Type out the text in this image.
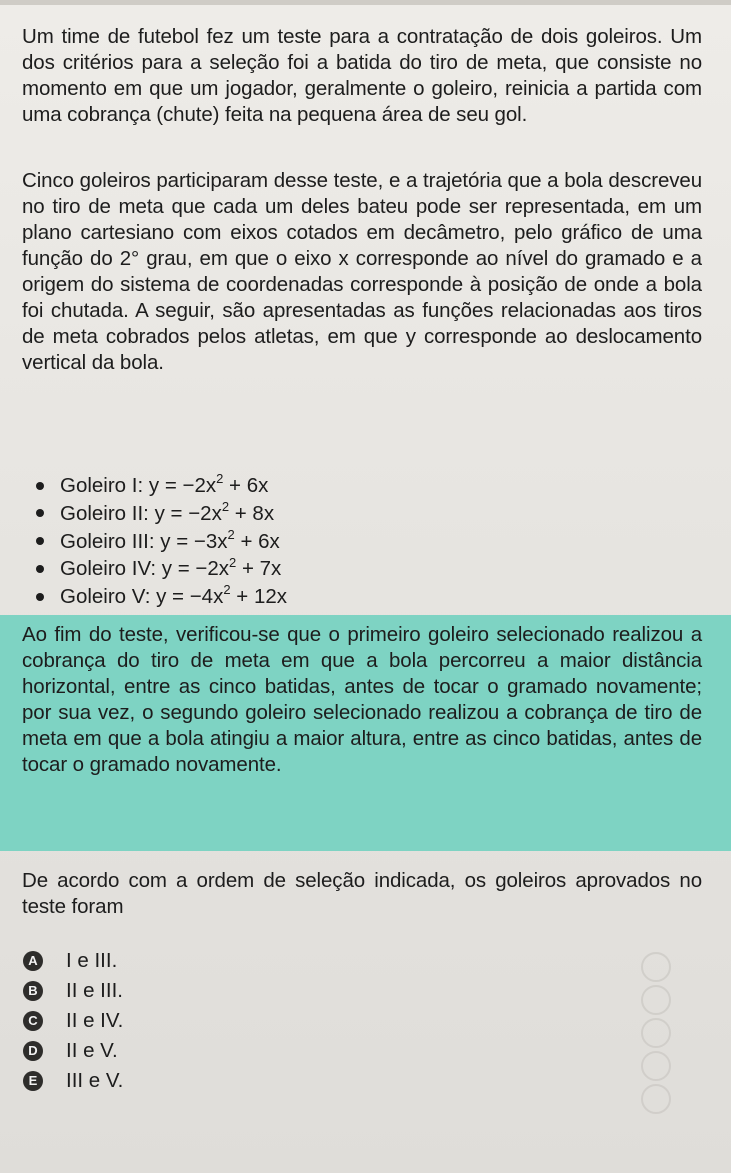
Um time de futebol fez um teste para a contratação de dois goleiros. Um dos critérios para a seleção foi a batida do tiro de meta, que consiste no momento em que um jogador, geralmente o goleiro, reinicia a partida com uma cobrança (chute) feita na pequena área de seu gol.
Cinco goleiros participaram desse teste, e a trajetória que a bola descreveu no tiro de meta que cada um deles bateu pode ser representada, em um plano cartesiano com eixos cotados em decâmetro, pelo gráfico de uma função do 2° grau, em que o eixo x corresponde ao nível do gramado e a origem do sistema de coordenadas corresponde à posição de onde a bola foi chutada. A seguir, são apresentadas as funções relacionadas aos tiros de meta cobrados pelos atletas, em que y corresponde ao deslocamento vertical da bola.
Goleiro I: $y = -2x^2 + 6x$
Goleiro II: $y = -2x^2 + 8x$
Goleiro III: $y = -3x^2 + 6x$
Goleiro IV: $y = -2x^2 + 7x$
Goleiro V: $y = -4x^2 + 12x$
Ao fim do teste, verificou-se que o primeiro goleiro selecionado realizou a cobrança do tiro de meta em que a bola percorreu a maior distância horizontal, entre as cinco batidas, antes de tocar o gramado novamente; por sua vez, o segundo goleiro selecionado realizou a cobrança de tiro de meta em que a bola atingiu a maior altura, entre as cinco batidas, antes de tocar o gramado novamente.
De acordo com a ordem de seleção indicada, os goleiros aprovados no teste foram
A I e III.
B II e III.
C II e IV.
D II e V.
E III e V.
